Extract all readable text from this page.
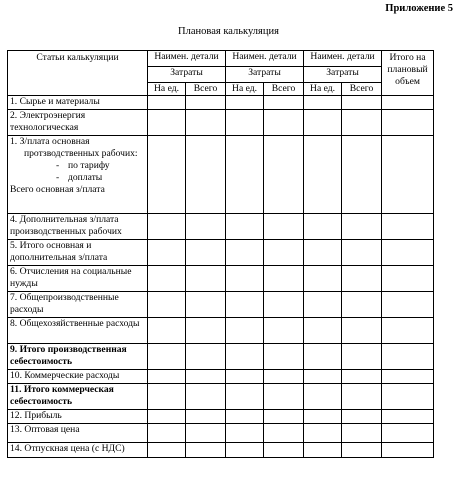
Приложение 5
Плановая калькуляция
Статьи калькуляции	Наимен. детали		Наимен. детали		Наимен. детали		Итого на плановый объем
	Затраты		Затраты		Затраты		
	На ед.	Всего	На ед.	Всего	На ед.	Всего	
1. Сырье и материалы							
2. Электроэнергия технологическая							

1. З/плата основная протзводственных рабочих:
- по тарифу
- доплаты
Всего основная з/плата

4. Дополнительная з/плата производственных рабочих							
5. Итого основная и дополнительная з/плата							
6. Отчисления на социальные нужды							
7. Общепроизводственные расходы							
8. Общехозяйственные расходы							
9. Итого производственная себестоимость							
10. Коммерческие расходы							
11. Итого коммерческая себестоимость							
12. Прибыль							
13. Оптовая цена							
14. Отпускная цена (с НДС)							
